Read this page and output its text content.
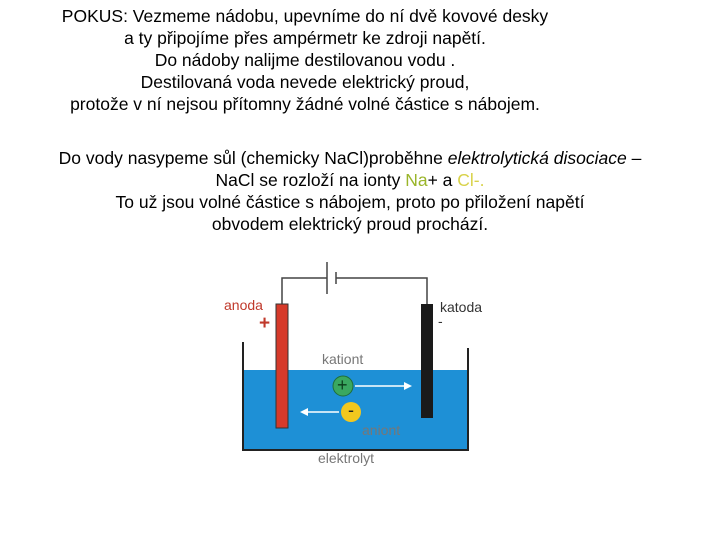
POKUS: Vezmeme nádobu, upevníme do ní dvě kovové desky
a ty připojíme přes ampérmetr ke zdroji napětí.
Do nádoby nalijme destilovanou vodu .
Destilovaná voda nevede elektrický proud,
protože v ní nejsou přítomny žádné volné částice s nábojem.
Do vody nasypeme sůl (chemicky NaCl)proběhne elektrolytická disociace –
NaCl se rozloží na ionty Na+ a Cl-.
To už jsou volné částice s nábojem, proto po přiložení napětí
obvodem elektrický proud prochází.
anoda
+
katoda
-
kationt
+
-
aniont
elektrolyt
